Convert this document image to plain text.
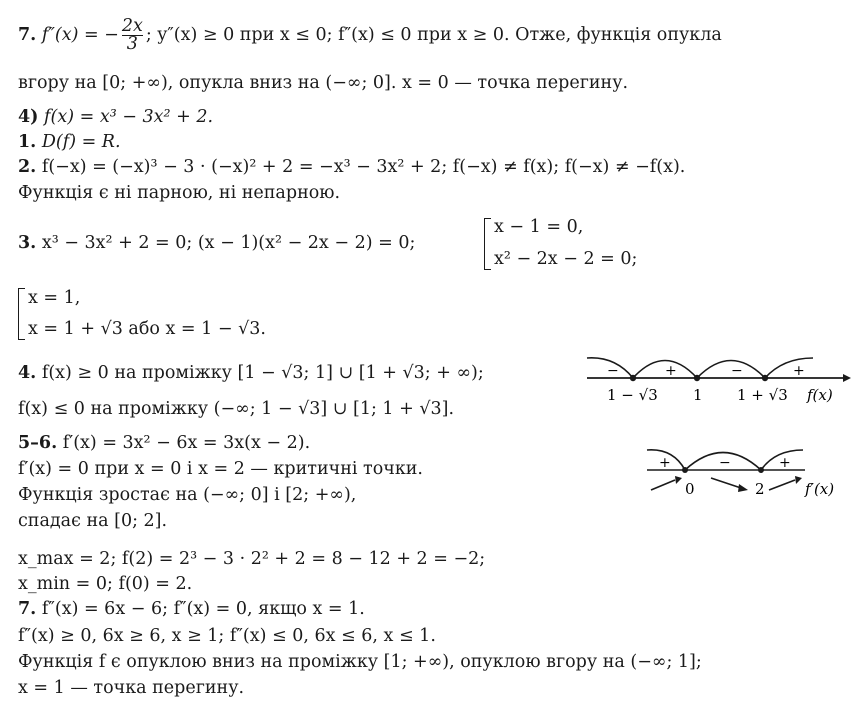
7. f″(x) = − $\frac{2x}{3}$ ; y″(x) ≥ 0 при x ≤ 0; f″(x) ≤ 0 при x ≥ 0. Отже, функція опукла
вгору на [0; +∞), опукла вниз на (−∞; 0]. x = 0 — точка перегину.
4) f(x) = x³ − 3x² + 2.
1. D(f) = R.
2. f(−x) = (−x)³ − 3 · (−x)² + 2 = −x³ − 3x² + 2; f(−x) ≠ f(x); f(−x) ≠ −f(x).
Функція є ні парною, ні непарною.
3. x³ − 3x² + 2 = 0; (x − 1)(x² − 2x − 2) = 0;
x − 1 = 0,
x² − 2x − 2 = 0;
x = 1,
x = 1 + √3 або x = 1 − √3.
4. f(x) ≥ 0 на проміжку [1 − √3; 1] ∪ [1 + √3; + ∞);
f(x) ≤ 0 на проміжку (−∞; 1 − √3] ∪ [1; 1 + √3].
5–6. f′(x) = 3x² − 6x = 3x(x − 2).
f′(x) = 0 при x = 0 і x = 2 — критичні точки.
Функція зростає на (−∞; 0] і [2; +∞),
спадає на [0; 2].
x_max = 2; f(2) = 2³ − 3 · 2² + 2 = 8 − 12 + 2 = −2;
x_min = 0; f(0) = 2.
7. f″(x) = 6x − 6; f″(x) = 0, якщо x = 1.
f″(x) ≥ 0, 6x ≥ 6, x ≥ 1; f″(x) ≤ 0, 6x ≤ 6, x ≤ 1.
Функція f є опуклою вниз на проміжку [1; +∞), опуклою вгору на (−∞; 1];
x = 1 — точка перегину.
−	+	−	+
1 − √3 1 1 + √3 f(x)
+	−	+
0	2	f′(x)
